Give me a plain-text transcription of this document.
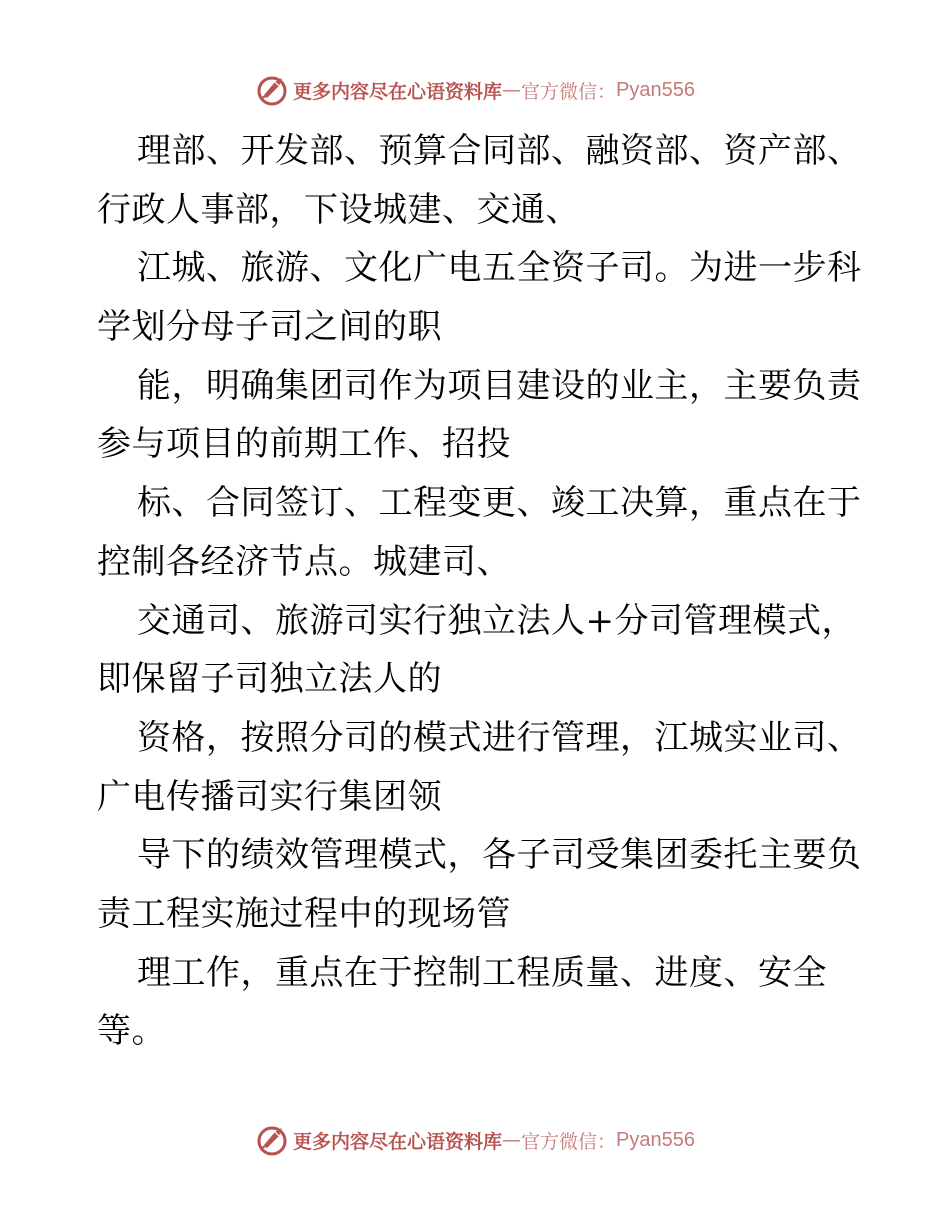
更多内容尽在心语资料库 — 官方微信： Pyan556
理部、开发部、预算合同部、融资部、资产部、
行政人事部，下设城建、交通、
江城、旅游、文化广电五全资子司。为进一步科
学划分母子司之间的职
能，明确集团司作为项目建设的业主，主要负责
参与项目的前期工作、招投
标、合同签订、工程变更、竣工决算，重点在于
控制各经济节点。城建司、
交通司、旅游司实行独立法人+分司管理模式，
即保留子司独立法人的
资格，按照分司的模式进行管理，江城实业司、
广电传播司实行集团领
导下的绩效管理模式，各子司受集团委托主要负
责工程实施过程中的现场管
理工作，重点在于控制工程质量、进度、安全
等。
更多内容尽在心语资料库 — 官方微信： Pyan556
